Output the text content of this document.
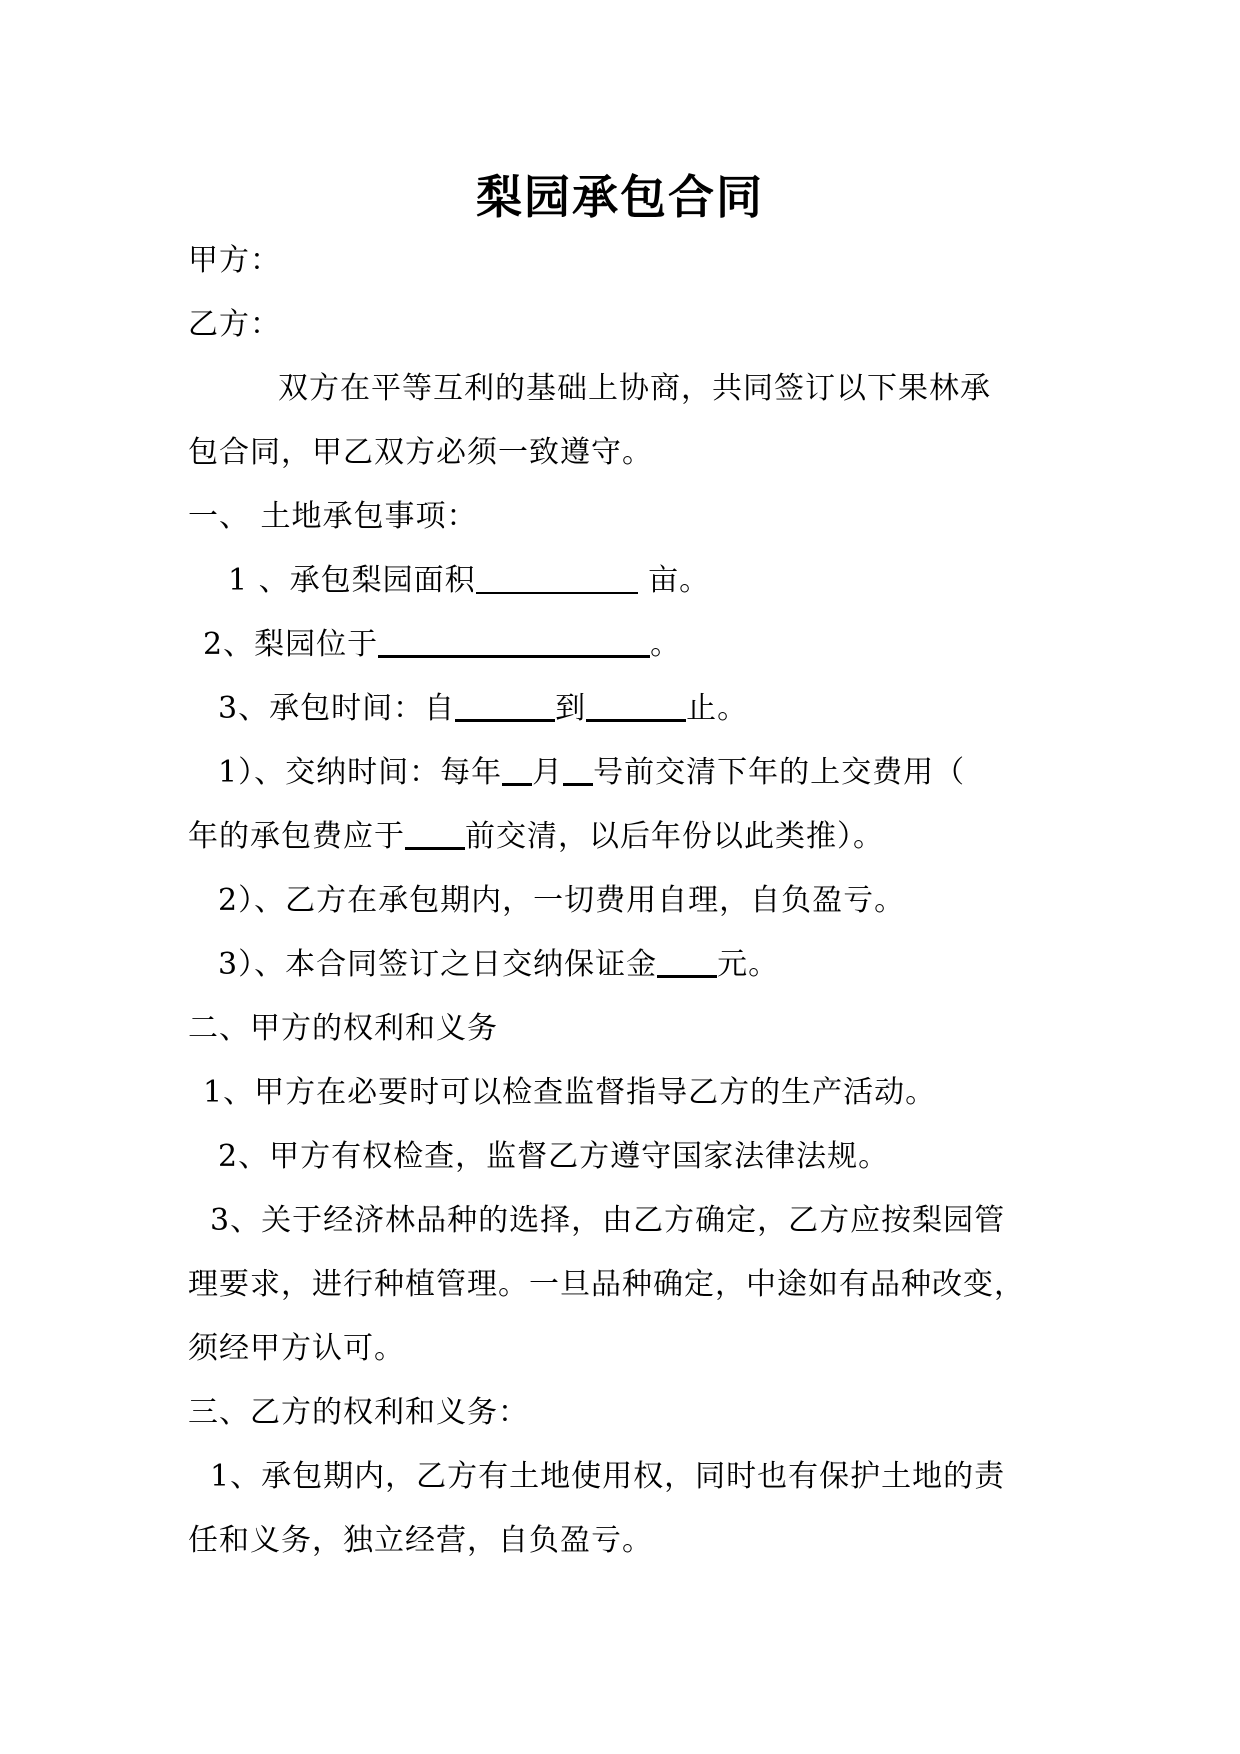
梨园承包合同
甲方：
乙方：
双方在平等互利的基础上协商，共同签订以下果林承
包合同，甲乙双方必须一致遵守。
一、 土地承包事项：
1 、承包梨园面积	亩。
2、梨园位于	。
3、承包时间：自	到	止。
1）、交纳时间：每年 月 号前交清下年的上交费用（
年的承包费应于 前交清，以后年份以此类推）。
2）、乙方在承包期内，一切费用自理，自负盈亏。
3）、本合同签订之日交纳保证金 元。
二、甲方的权利和义务
1、甲方在必要时可以检查监督指导乙方的生产活动。
2、甲方有权检查，监督乙方遵守国家法律法规。
3、关于经济林品种的选择，由乙方确定，乙方应按梨园管
理要求，进行种植管理。一旦品种确定，中途如有品种改变，
须经甲方认可。
三、乙方的权利和义务：
1、承包期内，乙方有土地使用权，同时也有保护土地的责
任和义务，独立经营，自负盈亏。
